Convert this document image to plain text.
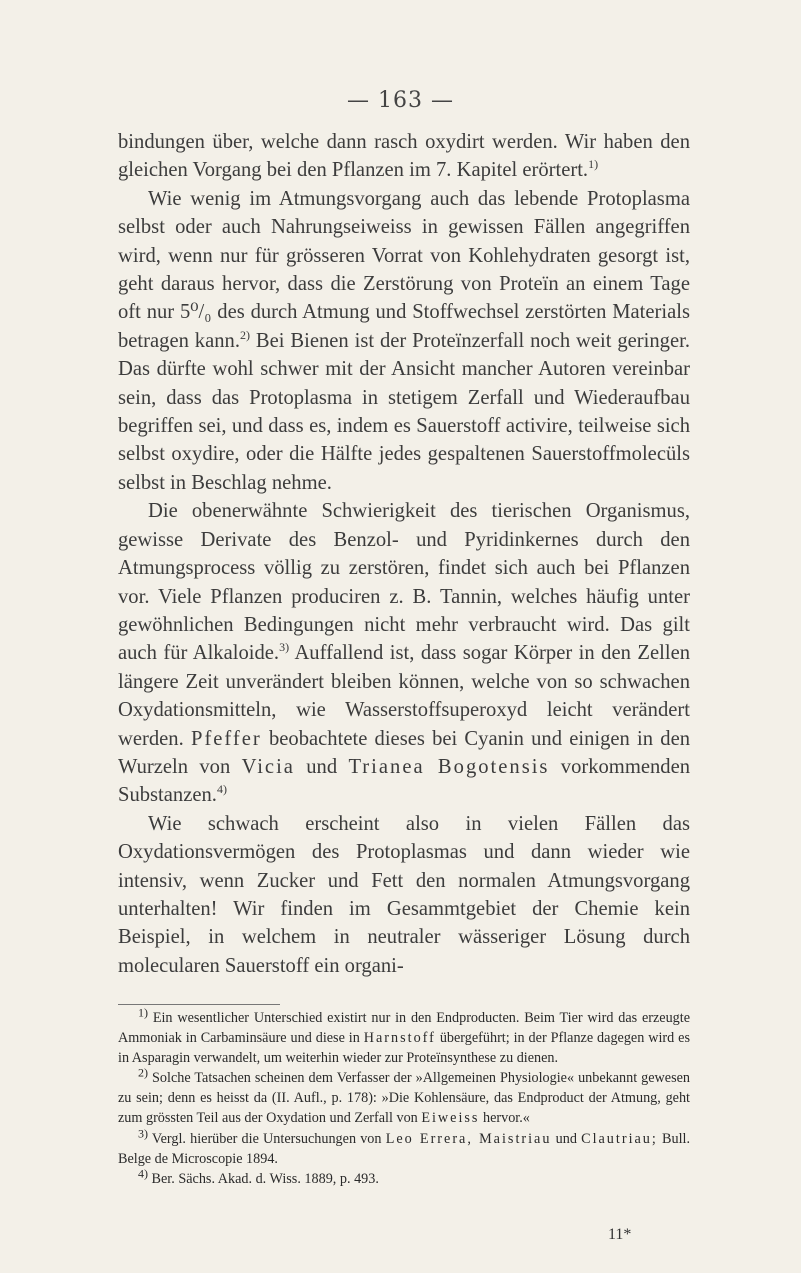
— 163 —

bindungen über, welche dann rasch oxydirt werden. Wir haben den gleichen Vorgang bei den Pflanzen im 7. Kapitel erörtert.$^{1)}$

Wie wenig im Atmungsvorgang auch das lebende Protoplasma selbst oder auch Nahrungseiweiss in gewissen Fällen angegriffen wird, wenn nur für grösseren Vorrat von Kohlehydraten gesorgt ist, geht daraus hervor, dass die Zerstörung von Proteïn an einem Tage oft nur 5⁰/₀ des durch Atmung und Stoffwechsel zerstörten Materials betragen kann.$^{2)}$ Bei Bienen ist der Proteïnzerfall noch weit geringer. Das dürfte wohl schwer mit der Ansicht mancher Autoren vereinbar sein, dass das Protoplasma in stetigem Zerfall und Wiederaufbau begriffen sei, und dass es, indem es Sauerstoff activire, teilweise sich selbst oxydire, oder die Hälfte jedes gespaltenen Sauerstoffmolecüls selbst in Beschlag nehme.

Die obenerwähnte Schwierigkeit des tierischen Organismus, gewisse Derivate des Benzol- und Pyridinkernes durch den Atmungsprocess völlig zu zerstören, findet sich auch bei Pflanzen vor. Viele Pflanzen produciren z. B. Tannin, welches häufig unter gewöhnlichen Bedingungen nicht mehr verbraucht wird. Das gilt auch für Alkaloide.$^{3)}$ Auffallend ist, dass sogar Körper in den Zellen längere Zeit unverändert bleiben können, welche von so schwachen Oxydationsmitteln, wie Wasserstoffsuperoxyd leicht verändert werden. Pfeffer beobachtete dieses bei Cyanin und einigen in den Wurzeln von Vicia und Trianea Bogotensis vorkommenden Substanzen.$^{4)}$

Wie schwach erscheint also in vielen Fällen das Oxydationsvermögen des Protoplasmas und dann wieder wie intensiv, wenn Zucker und Fett den normalen Atmungsvorgang unterhalten! Wir finden im Gesammtgebiet der Chemie kein Beispiel, in welchem in neutraler wässeriger Lösung durch molecularen Sauerstoff ein organi-

$^{1)}$ Ein wesentlicher Unterschied existirt nur in den Endproducten. Beim Tier wird das erzeugte Ammoniak in Carbaminsäure und diese in Harnstoff übergeführt; in der Pflanze dagegen wird es in Asparagin verwandelt, um weiterhin wieder zur Proteïnsynthese zu dienen.

$^{2)}$ Solche Tatsachen scheinen dem Verfasser der »Allgemeinen Physiologie« unbekannt gewesen zu sein; denn es heisst da (II. Aufl., p. 178): »Die Kohlensäure, das Endproduct der Atmung, geht zum grössten Teil aus der Oxydation und Zerfall von Eiweiss hervor.«

$^{3)}$ Vergl. hierüber die Untersuchungen von Leo Errera, Maistriau und Clautriau; Bull. Belge de Microscopie 1894.

$^{4)}$ Ber. Sächs. Akad. d. Wiss. 1889, p. 493.

11*
